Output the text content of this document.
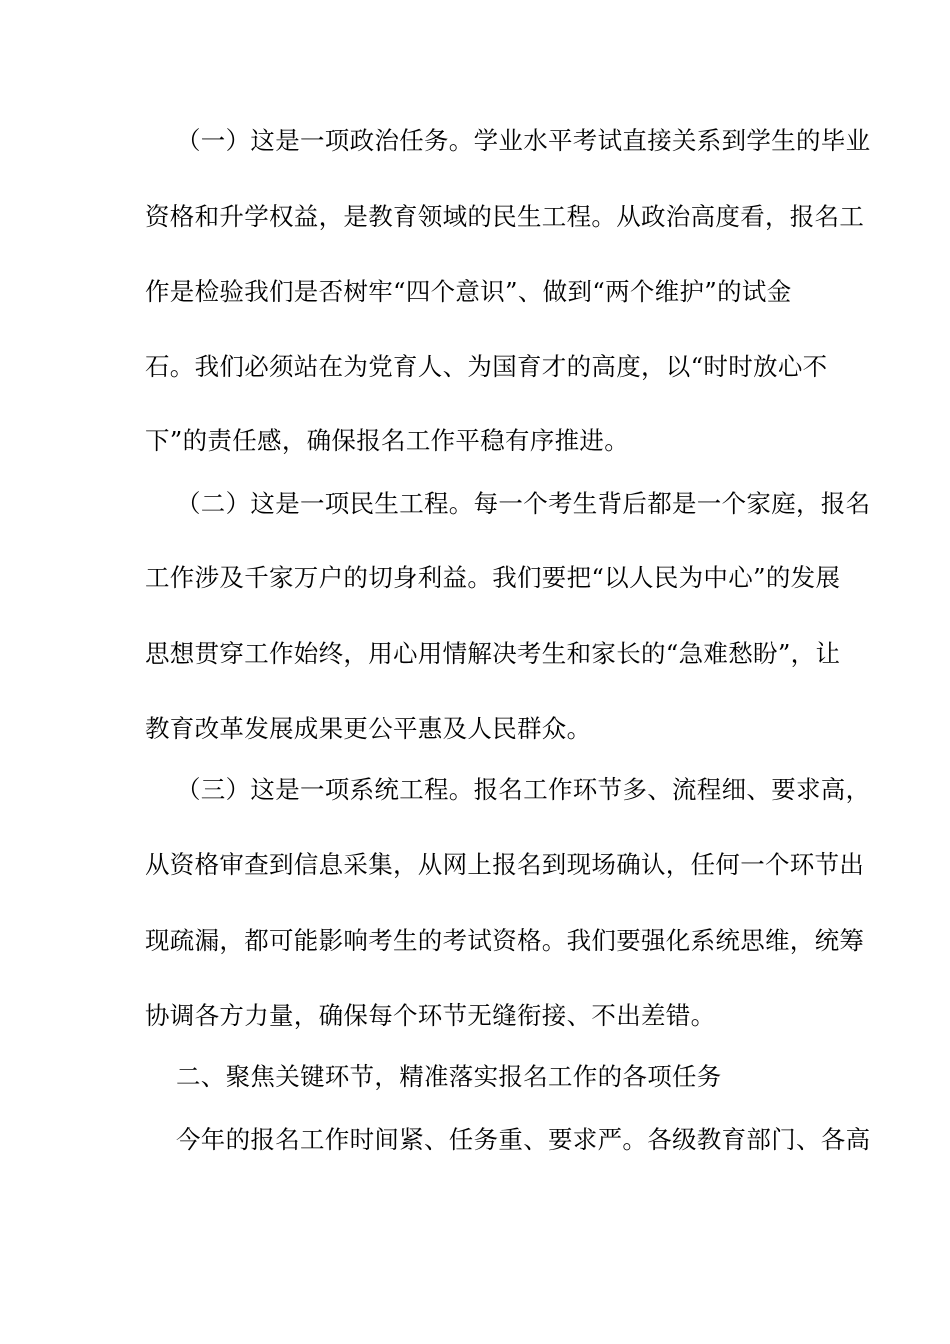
（一）这是一项政治任务。学业水平考试直接关系到学生的毕业
资格和升学权益，是教育领域的民生工程。从政治高度看，报名工
作是检验我们是否树牢“四个意识”、做到“两个维护”的试金
石。我们必须站在为党育人、为国育才的高度，以“时时放心不
下”的责任感，确保报名工作平稳有序推进。
（二）这是一项民生工程。每一个考生背后都是一个家庭，报名
工作涉及千家万户的切身利益。我们要把“以人民为中心”的发展
思想贯穿工作始终，用心用情解决考生和家长的“急难愁盼”，让
教育改革发展成果更公平惠及人民群众。
（三）这是一项系统工程。报名工作环节多、流程细、要求高，
从资格审查到信息采集，从网上报名到现场确认，任何一个环节出
现疏漏，都可能影响考生的考试资格。我们要强化系统思维，统筹
协调各方力量，确保每个环节无缝衔接、不出差错。
二、聚焦关键环节，精准落实报名工作的各项任务
今年的报名工作时间紧、任务重、要求严。各级教育部门、各高
